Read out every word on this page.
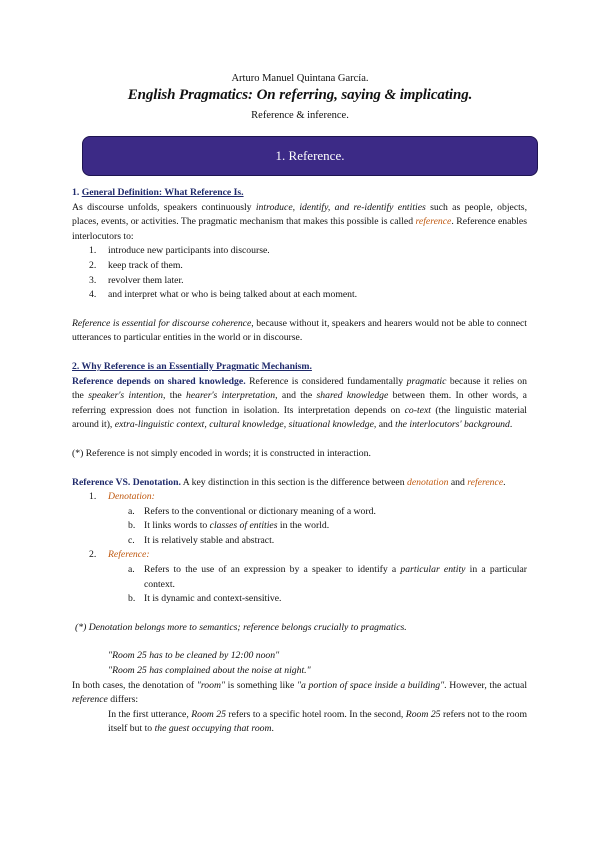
Arturo Manuel Quintana García.
English Pragmatics: On referring, saying & implicating.
Reference & inference.
1. Reference.

1. General Definition: What Reference Is.

As discourse unfolds, speakers continuously introduce, identify, and re-identify entities such as people, objects, places, events, or activities. The pragmatic mechanism that makes this possible is called reference. Reference enables interlocutors to:

1. introduce new participants into discourse.
2. keep track of them.
3. revolver them later.
4. and interpret what or who is being talked about at each moment.

Reference is essential for discourse coherence, because without it, speakers and hearers would not be able to connect utterances to particular entities in the world or in discourse.

2. Why Reference is an Essentially Pragmatic Mechanism.

Reference depends on shared knowledge. Reference is considered fundamentally pragmatic because it relies on the speaker's intention, the hearer's interpretation, and the shared knowledge between them. In other words, a referring expression does not function in isolation. Its interpretation depends on co-text (the linguistic material around it), extra-linguistic context, cultural knowledge, situational knowledge, and the interlocutors' background.

(*) Reference is not simply encoded in words; it is constructed in interaction.

Reference VS. Denotation. A key distinction in this section is the difference between denotation and reference.

1. Denotation:
a. Refers to the conventional or dictionary meaning of a word.
b. It links words to classes of entities in the world.
c. It is relatively stable and abstract.
2. Reference:
a. Refers to the use of an expression by a speaker to identify a particular entity in a particular context.
b. It is dynamic and context-sensitive.

(*) Denotation belongs more to semantics; reference belongs crucially to pragmatics.

"Room 25 has to be cleaned by 12:00 noon"
"Room 25 has complained about the noise at night."

In both cases, the denotation of "room" is something like "a portion of space inside a building". However, the actual reference differs:

In the first utterance, Room 25 refers to a specific hotel room. In the second, Room 25 refers not to the room itself but to the guest occupying that room.
